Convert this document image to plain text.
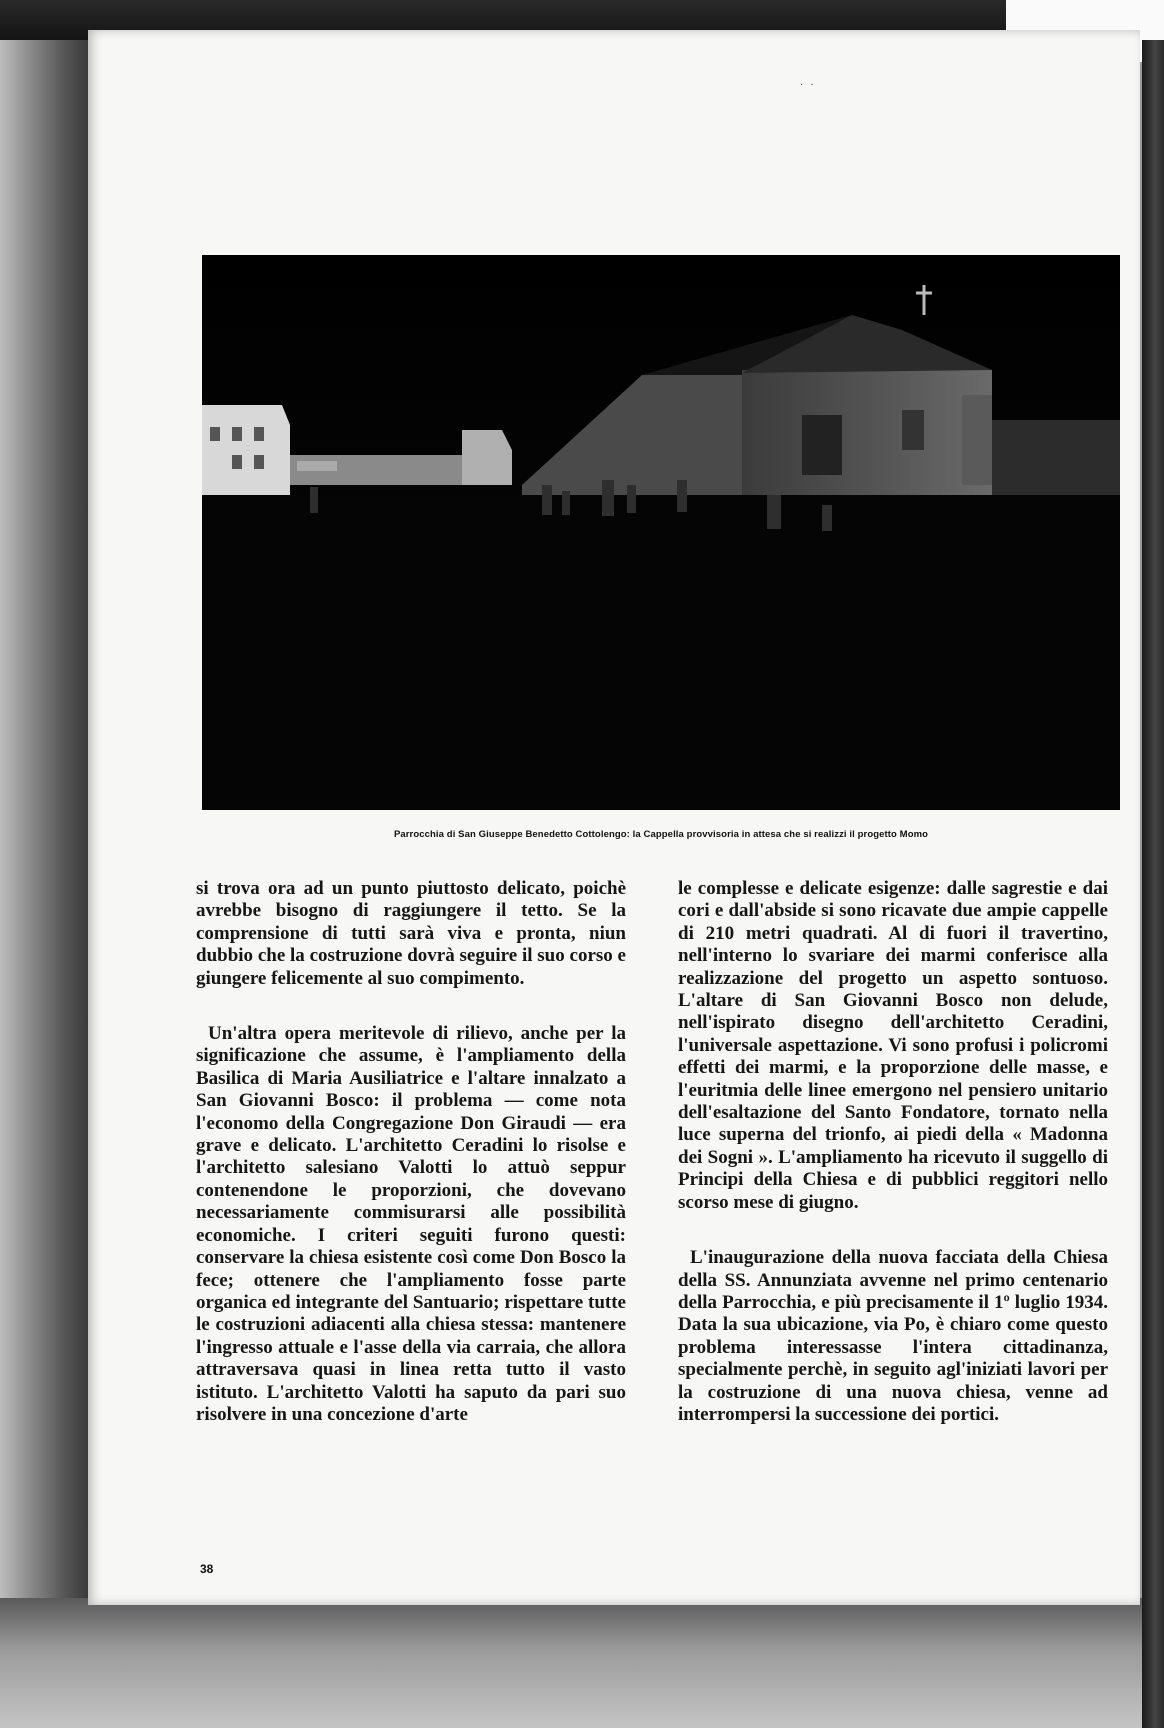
· ·
Parrocchia di San Giuseppe Benedetto Cottolengo: la Cappella provvisoria in attesa che si realizzi il progetto Momo

si trova ora ad un punto piuttosto delicato, poichè avrebbe bisogno di raggiungere il tetto. Se la comprensione di tutti sarà viva e pronta, niun dubbio che la costruzione dovrà seguire il suo corso e giungere felicemente al suo compimento.

Un'altra opera meritevole di rilievo, anche per la significazione che assume, è l'ampliamento della Basilica di Maria Ausiliatrice e l'altare innalzato a San Giovanni Bosco: il problema — come nota l'economo della Congregazione Don Giraudi — era grave e delicato. L'architetto Ceradini lo risolse e l'architetto salesiano Valotti lo attuò seppur contenendone le proporzioni, che dovevano necessariamente commisurarsi alle possibilità economiche. I criteri seguiti furono questi: conservare la chiesa esistente così come Don Bosco la fece; ottenere che l'ampliamento fosse parte organica ed integrante del Santuario; rispettare tutte le costruzioni adiacenti alla chiesa stessa: mantenere l'ingresso attuale e l'asse della via carraia, che allora attraversava quasi in linea retta tutto il vasto istituto. L'architetto Valotti ha saputo da pari suo risolvere in una concezione d'arte

le complesse e delicate esigenze: dalle sagrestie e dai cori e dall'abside si sono ricavate due ampie cappelle di 210 metri quadrati. Al di fuori il travertino, nell'interno lo svariare dei marmi conferisce alla realizzazione del progetto un aspetto sontuoso. L'altare di San Giovanni Bosco non delude, nell'ispirato disegno dell'architetto Ceradini, l'universale aspettazione. Vi sono profusi i policromi effetti dei marmi, e la proporzione delle masse, e l'euritmia delle linee emergono nel pensiero unitario dell'esaltazione del Santo Fondatore, tornato nella luce superna del trionfo, ai piedi della « Madonna dei Sogni ». L'ampliamento ha ricevuto il suggello di Principi della Chiesa e di pubblici reggitori nello scorso mese di giugno.

L'inaugurazione della nuova facciata della Chiesa della SS. Annunziata avvenne nel primo centenario della Parrocchia, e più precisamente il 1º luglio 1934. Data la sua ubicazione, via Po, è chiaro come questo problema interessasse l'intera cittadinanza, specialmente perchè, in seguito agl'iniziati lavori per la costruzione di una nuova chiesa, venne ad interrompersi la successione dei portici.

38
